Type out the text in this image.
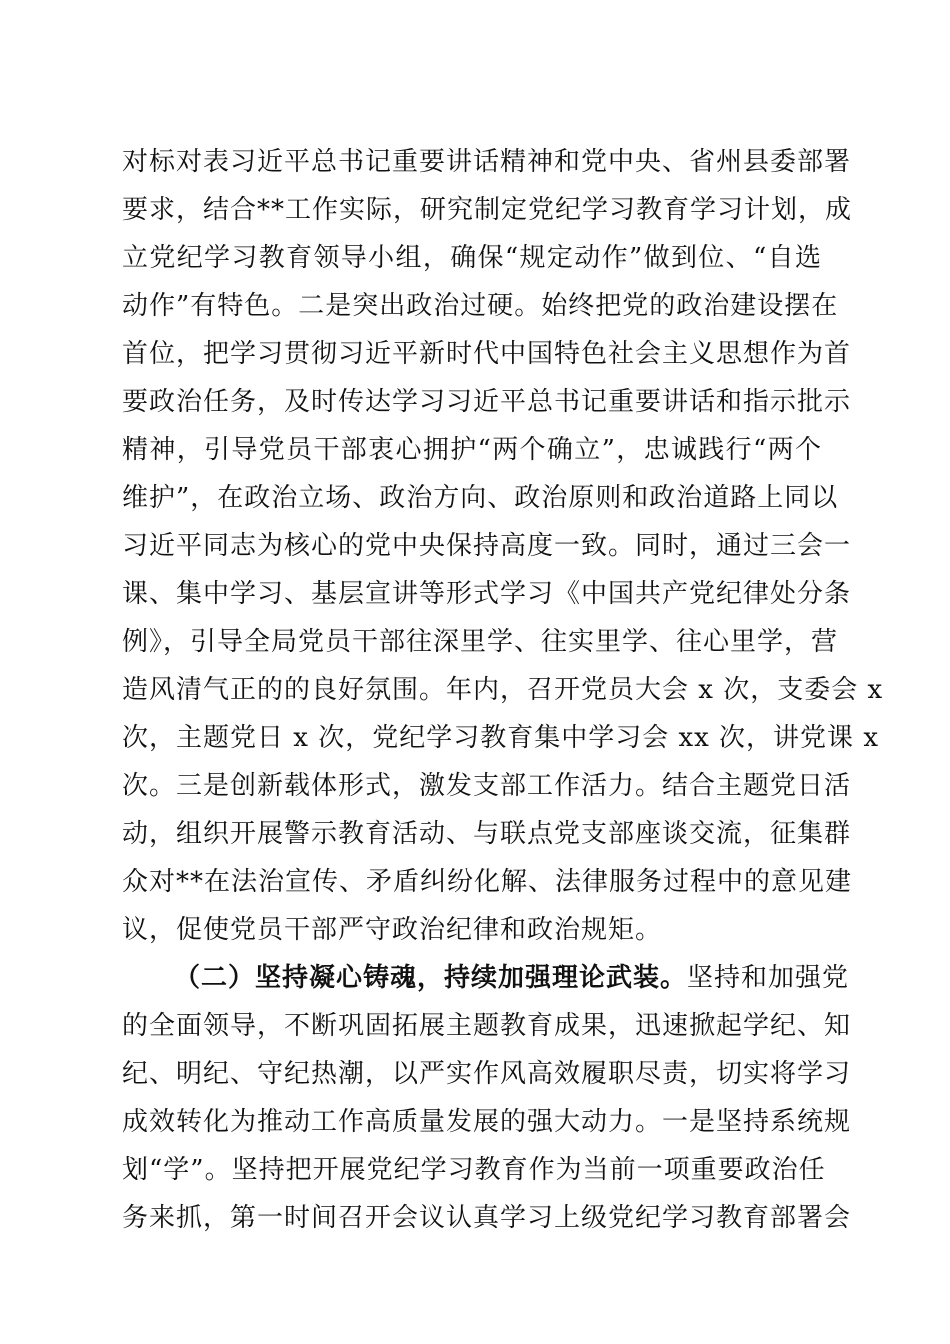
对标对表习近平总书记重要讲话精神和党中央、省州县委部署
要求，结合**工作实际，研究制定党纪学习教育学习计划，成
立党纪学习教育领导小组，确保“规定动作”做到位、“自选
动作”有特色。二是突出政治过硬。始终把党的政治建设摆在
首位，把学习贯彻习近平新时代中国特色社会主义思想作为首
要政治任务，及时传达学习习近平总书记重要讲话和指示批示
精神，引导党员干部衷心拥护“两个确立”，忠诚践行“两个
维护”，在政治立场、政治方向、政治原则和政治道路上同以
习近平同志为核心的党中央保持高度一致。同时，通过三会一
课、集中学习、基层宣讲等形式学习《中国共产党纪律处分条
例》，引导全局党员干部往深里学、往实里学、往心里学，营
造风清气正的的良好氛围。年内，召开党员大会 x 次，支委会 x
次，主题党日 x 次，党纪学习教育集中学习会 xx 次，讲党课 x
次。三是创新载体形式，激发支部工作活力。结合主题党日活
动，组织开展警示教育活动、与联点党支部座谈交流，征集群
众对**在法治宣传、矛盾纠纷化解、法律服务过程中的意见建
议，促使党员干部严守政治纪律和政治规矩。
（二）坚持凝心铸魂，持续加强理论武装。坚持和加强党
的全面领导，不断巩固拓展主题教育成果，迅速掀起学纪、知
纪、明纪、守纪热潮，以严实作风高效履职尽责，切实将学习
成效转化为推动工作高质量发展的强大动力。一是坚持系统规
划“学”。坚持把开展党纪学习教育作为当前一项重要政治任
务来抓，第一时间召开会议认真学习上级党纪学习教育部署会
